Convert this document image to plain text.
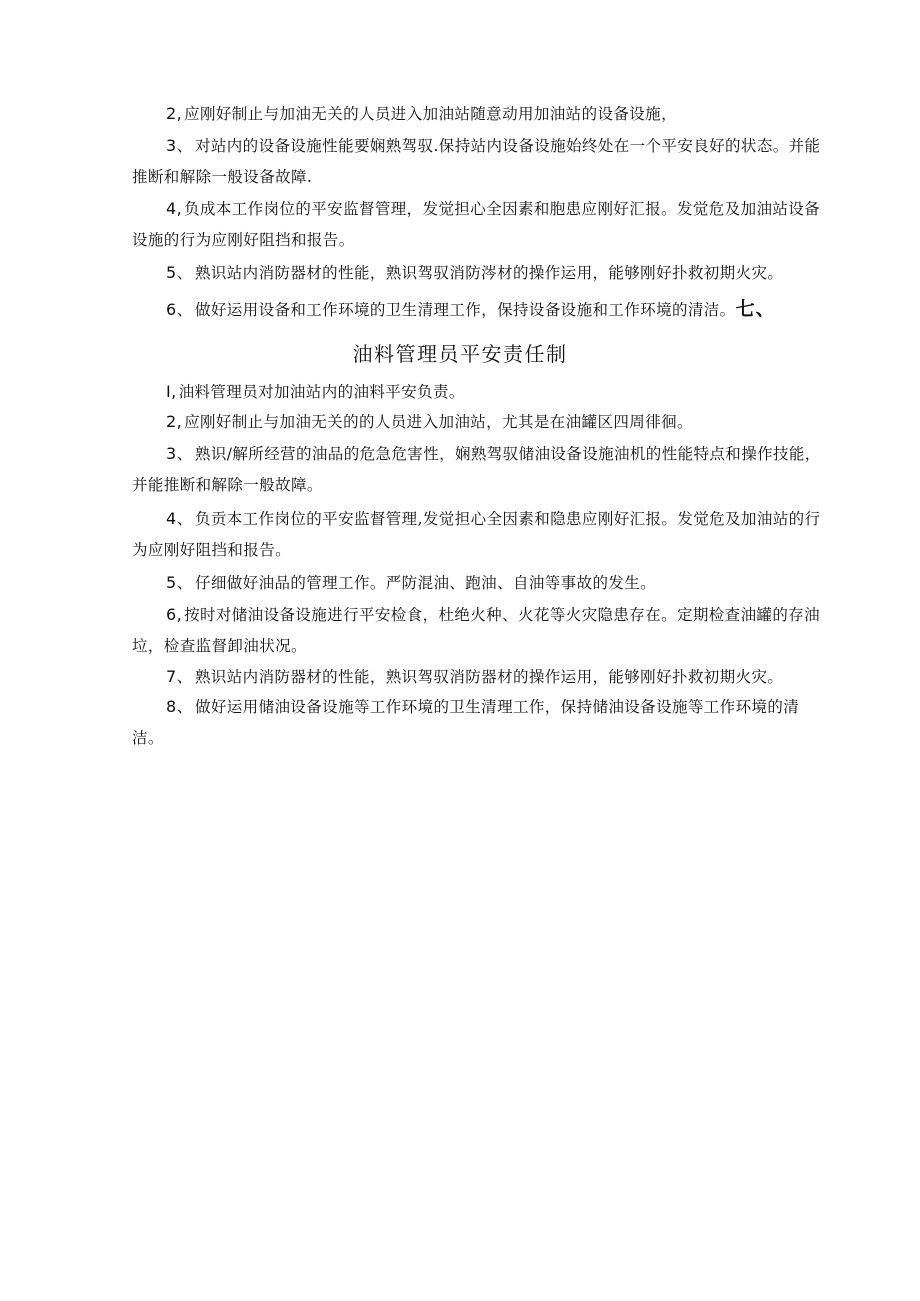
2, 应刚好制止与加油无关的人员进入加油站随意动用加油站的设备设施，

3、 对站内的设备设施性能要娴熟驾驭.保持站内设备设施始终处在一个平安良好的状态。并能推断和解除一般设备故障.

4, 负成本工作岗位的平安监督管理，发觉担心全因素和胞患应刚好汇报。发觉危及加油站设备设施的行为应刚好阻挡和报告。

5、 熟识站内消防器材的性能，熟识驾驭消防涔材的操作运用，能够刚好扑救初期火灾。

6、 做好运用设备和工作环境的卫生清理工作，保持设备设施和工作环境的清洁。七、

油料管理员平安责任制

I, 油料管理员对加油站内的油料平安负责。

2, 应刚好制止与加油无关的的人员进入加油站，尤其是在油罐区四周徘徊。

3、 熟识/解所经营的油品的危急危害性，娴熟驾驭储油设备设施油机的性能特点和操作技能，并能推断和解除一般故障。

4、 负贡本工作岗位的平安监督管理,发觉担心全因素和隐患应刚好汇报。发觉危及加油站的行为应刚好阻挡和报告。

5、 仔细做好油品的管理工作。严防混油、跑油、自油等事故的发生。

6, 按时对储油设备设施进行平安检食，杜绝火种、火花等火灾隐患存在。定期检查油罐的存油垃，检查监督卸油状况。

7、 熟识站内消防器材的性能，熟识驾驭消防器材的操作运用，能够刚好扑救初期火灾。

8、 做好运用储油设备设施等工作环境的卫生清理工作，保持储油设备设施等工作环境的清洁。
